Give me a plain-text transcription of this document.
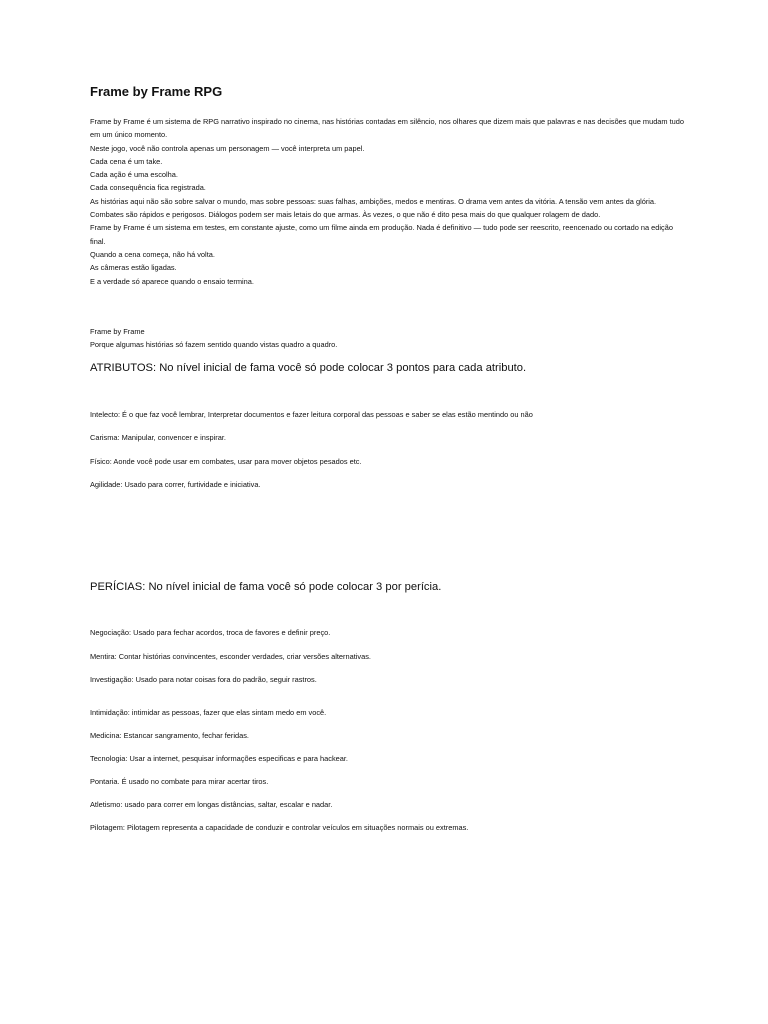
Frame by Frame RPG

Frame by Frame é um sistema de RPG narrativo inspirado no cinema, nas histórias contadas em silêncio, nos olhares que dizem mais que palavras e nas decisões que mudam tudo em um único momento.

Neste jogo, você não controla apenas um personagem — você interpreta um papel.

Cada cena é um take.

Cada ação é uma escolha.

Cada consequência fica registrada.

As histórias aqui não são sobre salvar o mundo, mas sobre pessoas: suas falhas, ambições, medos e mentiras. O drama vem antes da vitória. A tensão vem antes da glória.

Combates são rápidos e perigosos. Diálogos podem ser mais letais do que armas. Às vezes, o que não é dito pesa mais do que qualquer rolagem de dado.

Frame by Frame é um sistema em testes, em constante ajuste, como um filme ainda em produção. Nada é definitivo — tudo pode ser reescrito, reencenado ou cortado na edição final.

Quando a cena começa, não há volta.

As câmeras estão ligadas.

E a verdade só aparece quando o ensaio termina.

Frame by Frame

Porque algumas histórias só fazem sentido quando vistas quadro a quadro.

ATRIBUTOS: No nível inicial de fama você só pode colocar 3 pontos para cada atributo.

Intelecto: É o que faz você lembrar, Interpretar documentos e fazer leitura corporal das pessoas e saber se elas estão mentindo ou não

Carisma: Manipular, convencer e inspirar.

Físico: Aonde você pode usar em combates, usar para mover objetos pesados etc.

Agilidade: Usado para correr, furtividade e iniciativa.

PERÍCIAS: No nível inicial de fama você só pode colocar 3 por perícia.

Negociação: Usado para fechar acordos, troca de favores e definir preço.

Mentira: Contar histórias convincentes, esconder verdades, criar versões alternativas.

Investigação: Usado para notar coisas fora do padrão, seguir rastros.

Intimidação: intimidar as pessoas, fazer que elas sintam medo em você.

Medicina: Estancar sangramento, fechar feridas.

Tecnologia: Usar a internet, pesquisar informações especificas e para hackear.

Pontaria. É usado no combate para mirar acertar tiros.

Atletismo: usado para correr em longas distâncias, saltar, escalar e nadar.

Pilotagem: Pilotagem representa a capacidade de conduzir e controlar veículos em situações normais ou extremas.
